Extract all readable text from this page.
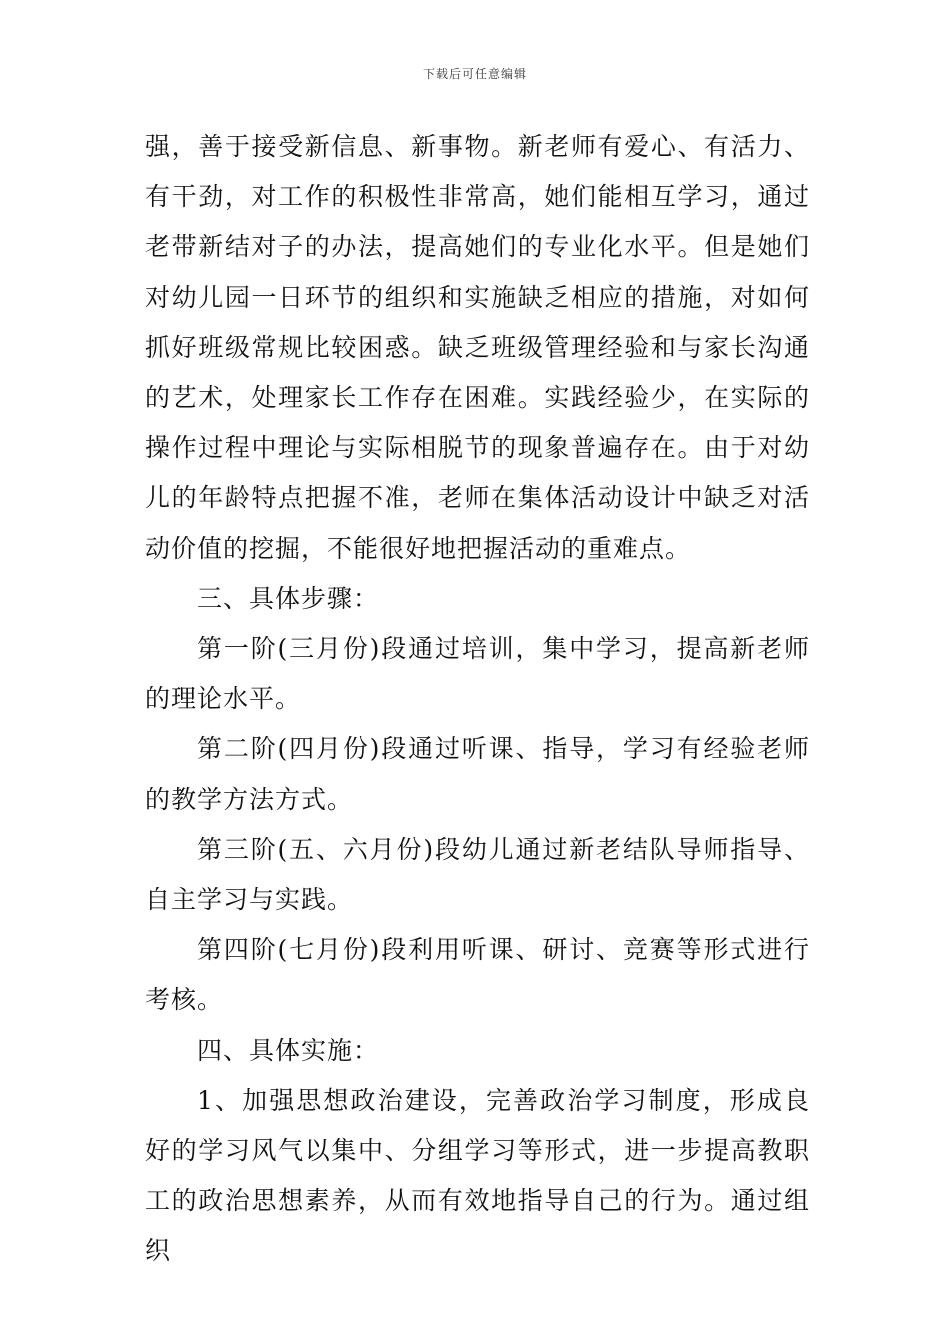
下载后可任意编辑

强，善于接受新信息、新事物。新老师有爱心、有活力、有干劲，对工作的积极性非常高，她们能相互学习，通过老带新结对子的办法，提高她们的专业化水平。但是她们对幼儿园一日环节的组织和实施缺乏相应的措施，对如何抓好班级常规比较困惑。缺乏班级管理经验和与家长沟通的艺术，处理家长工作存在困难。实践经验少，在实际的操作过程中理论与实际相脱节的现象普遍存在。由于对幼儿的年龄特点把握不准，老师在集体活动设计中缺乏对活动价值的挖掘，不能很好地把握活动的重难点。

三、具体步骤：

第一阶(三月份)段通过培训，集中学习，提高新老师的理论水平。

第二阶(四月份)段通过听课、指导，学习有经验老师的教学方法方式。

第三阶(五、六月份)段幼儿通过新老结队导师指导、自主学习与实践。

第四阶(七月份)段利用听课、研讨、竞赛等形式进行考核。

四、具体实施：

1、加强思想政治建设，完善政治学习制度，形成良好的学习风气以集中、分组学习等形式，进一步提高教职工的政治思想素养，从而有效地指导自己的行为。通过组织
